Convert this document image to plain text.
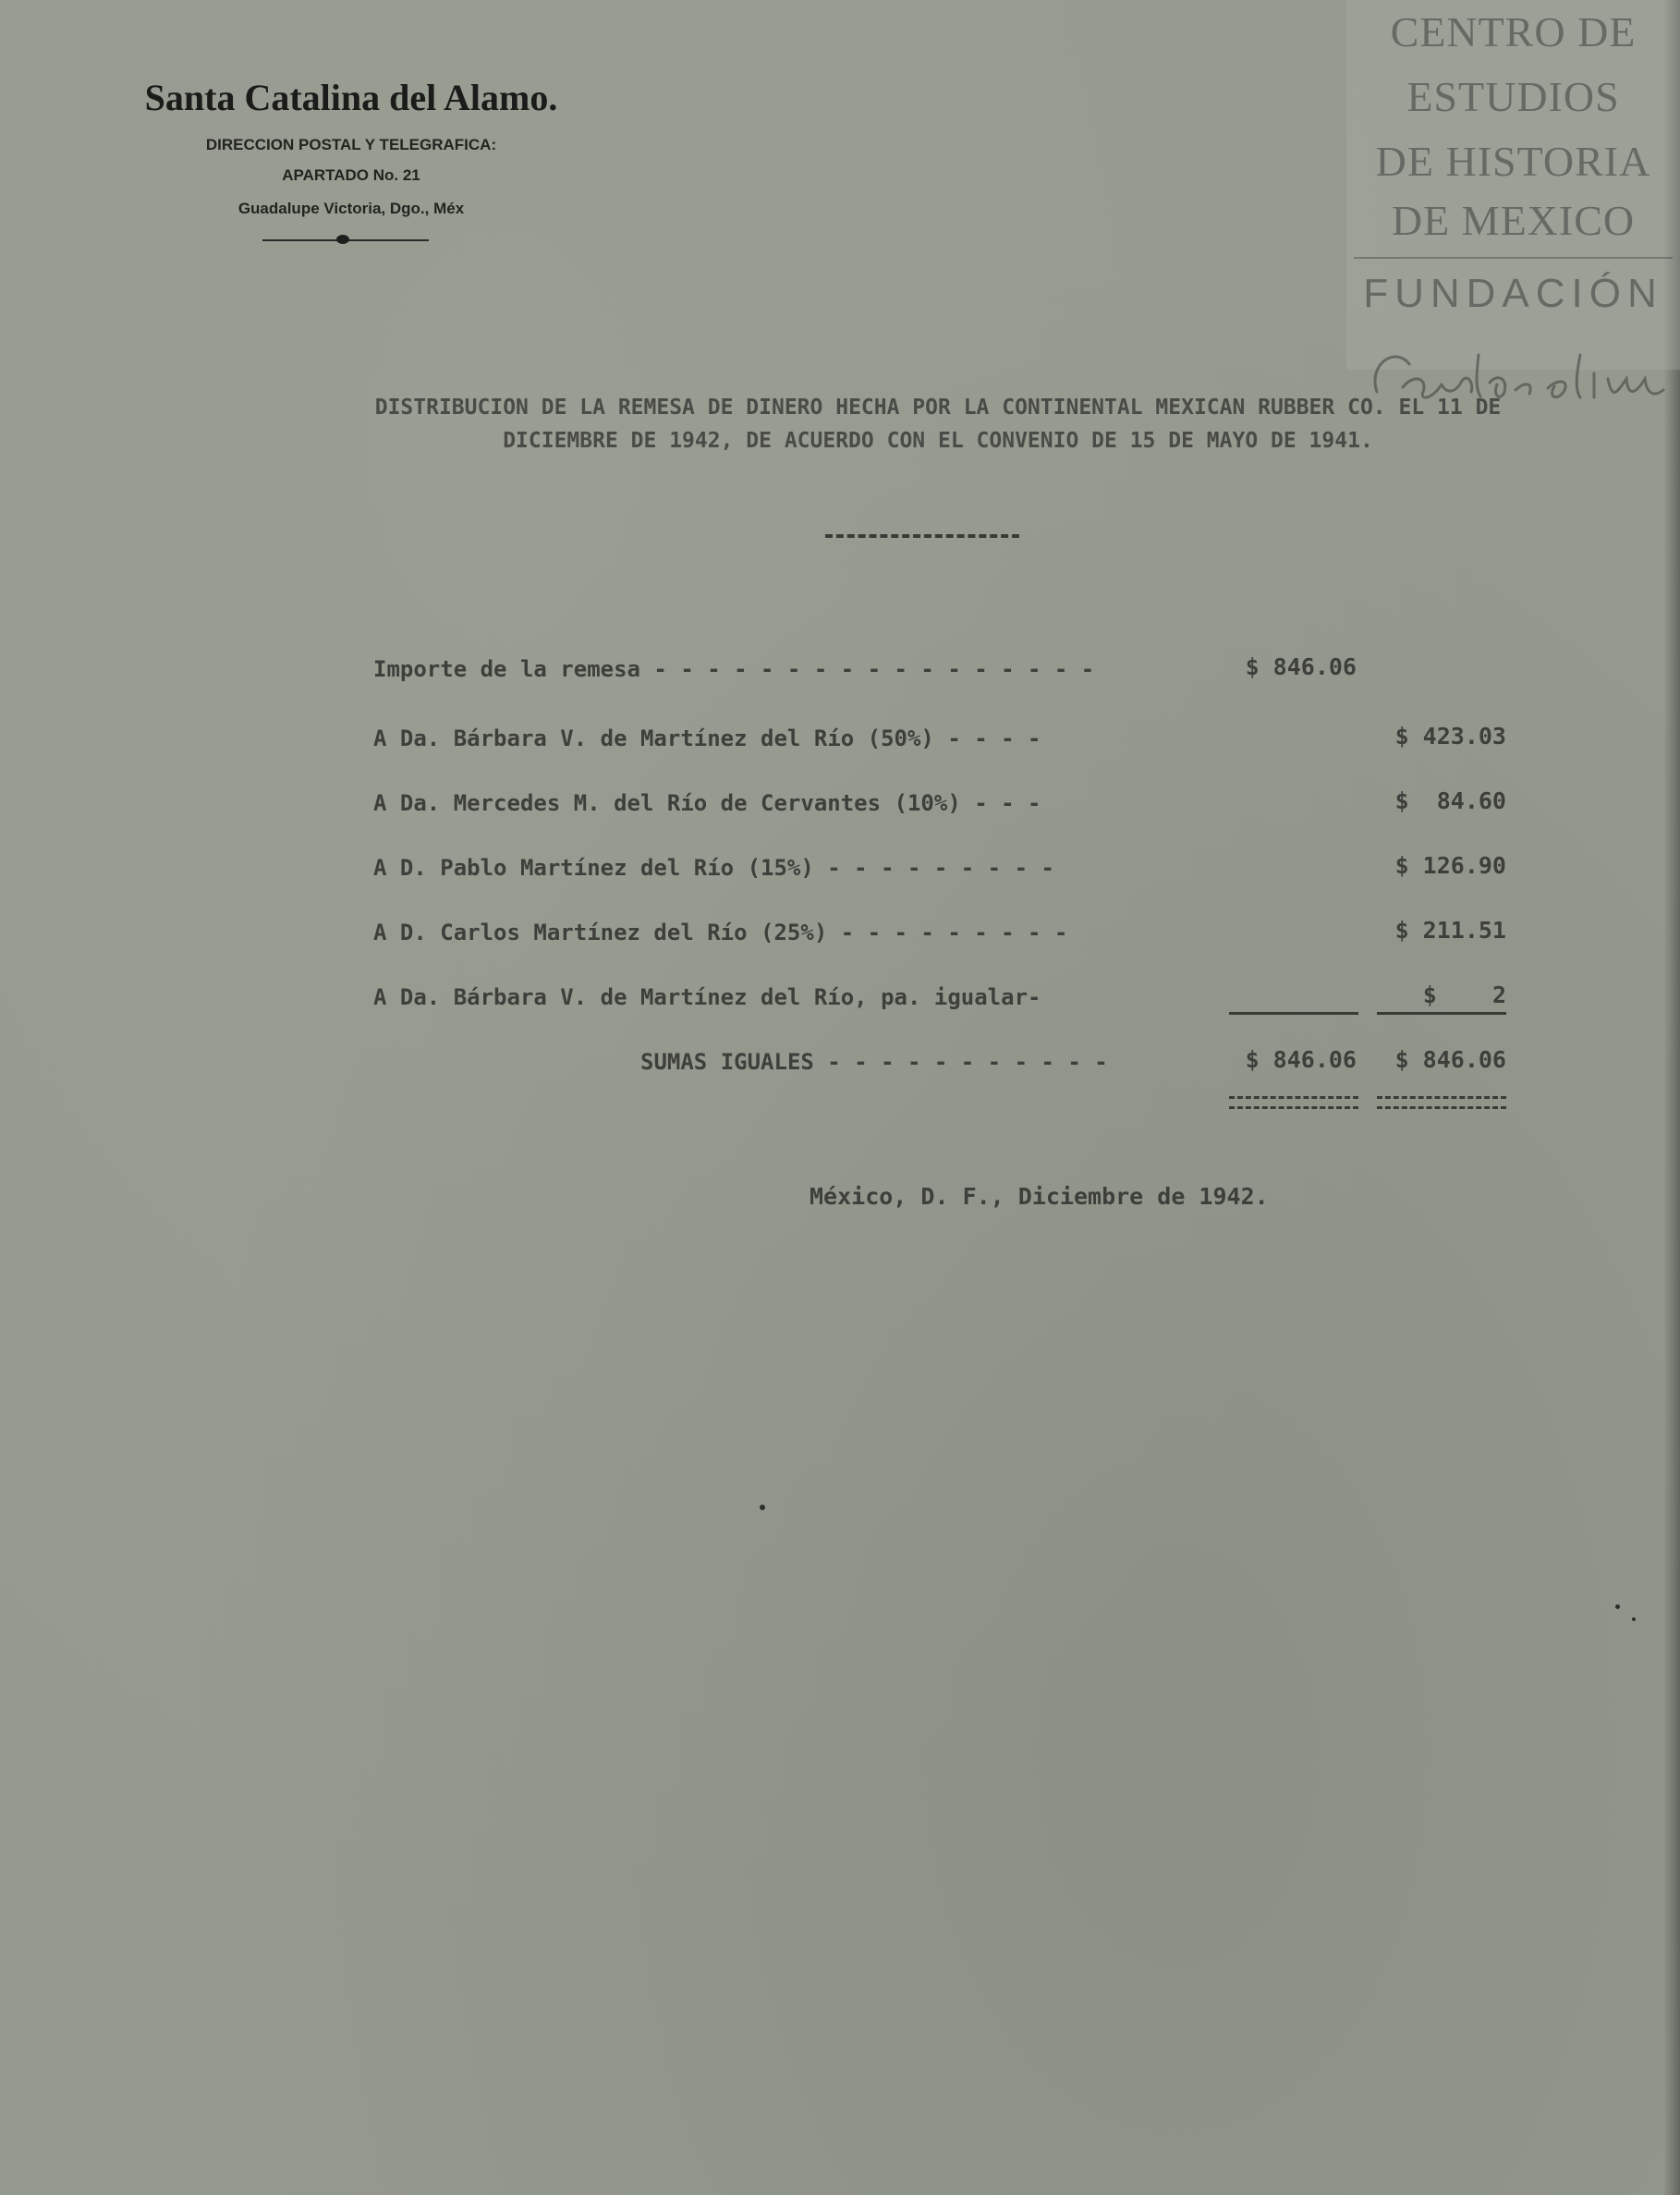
Santa Catalina del Alamo.
DIRECCION POSTAL Y TELEGRAFICA:
APARTADO No. 21
Guadalupe Victoria, Dgo., Méx
CENTRO DE
ESTUDIOS
DE HISTORIA
DE MEXICO
FUNDACIÓN
DISTRIBUCION DE LA REMESA DE DINERO HECHA POR LA CONTINENTAL MEXICAN RUBBER CO. EL 11 DE DICIEMBRE DE 1942, DE ACUERDO CON EL CONVENIO DE 15 DE MAYO DE 1941.
Importe de la remesa - - - - - - - - - - - - - - - - -	$ 846.06
A Da. Bárbara V. de Martínez del Río (50%) - - - -	$ 423.03
A Da. Mercedes M. del Río de Cervantes (10%) - - -	$  84.60
A D. Pablo Martínez del Río (15%) - - - - - - - - -	$ 126.90
A D. Carlos Martínez del Río (25%) - - - - - - - - -	$ 211.51
A Da. Bárbara V. de Martínez del Río, pa. igualar-	$    2
SUMAS IGUALES - - - - - - - - - - -	$ 846.06	$ 846.06
México, D. F., Diciembre de 1942.
